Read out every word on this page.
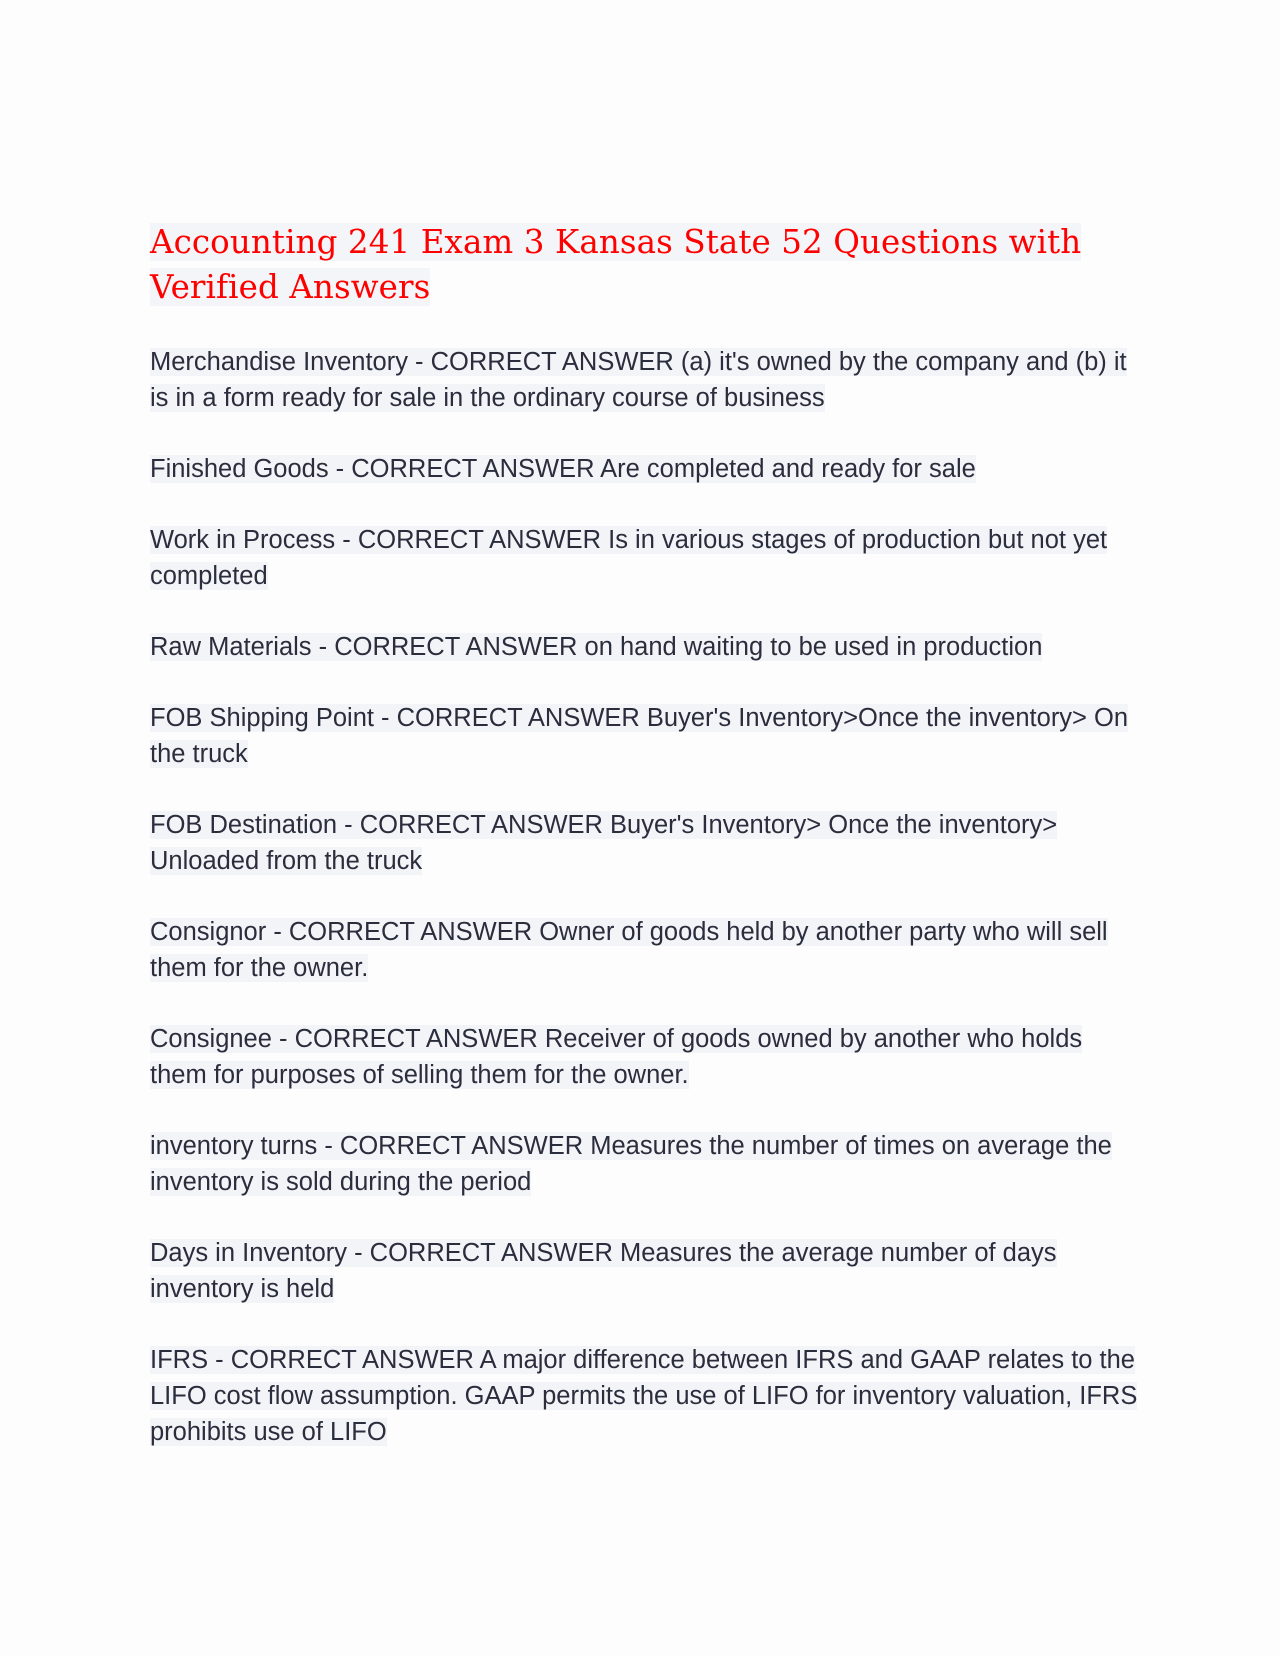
Accounting 241 Exam 3 Kansas State 52 Questions with Verified Answers

Merchandise Inventory - CORRECT ANSWER (a) it's owned by the company and (b) it is in a form ready for sale in the ordinary course of business

Finished Goods - CORRECT ANSWER Are completed and ready for sale

Work in Process - CORRECT ANSWER Is in various stages of production but not yet completed

Raw Materials - CORRECT ANSWER on hand waiting to be used in production

FOB Shipping Point - CORRECT ANSWER Buyer's Inventory>Once the inventory> On the truck

FOB Destination - CORRECT ANSWER Buyer's Inventory> Once the inventory> Unloaded from the truck

Consignor - CORRECT ANSWER Owner of goods held by another party who will sell them for the owner.

Consignee - CORRECT ANSWER Receiver of goods owned by another who holds them for purposes of selling them for the owner.

inventory turns - CORRECT ANSWER Measures the number of times on average the inventory is sold during the period

Days in Inventory - CORRECT ANSWER Measures the average number of days inventory is held

IFRS - CORRECT ANSWER A major difference between IFRS and GAAP relates to the LIFO cost flow assumption. GAAP permits the use of LIFO for inventory valuation, IFRS prohibits use of LIFO
